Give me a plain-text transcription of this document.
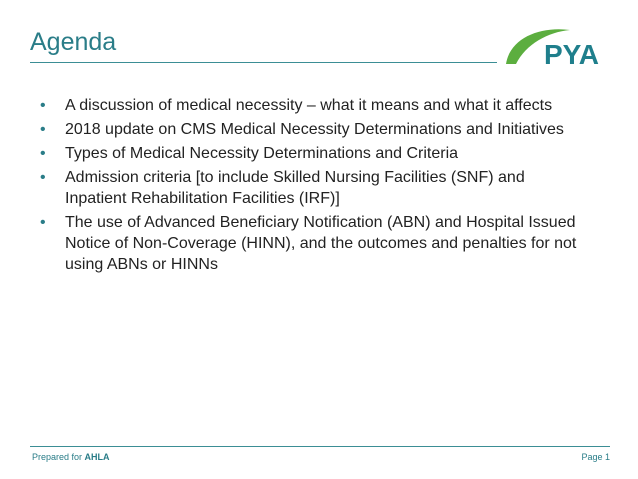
Agenda	PYA
• A discussion of medical necessity – what it means and what it affects
• 2018 update on CMS Medical Necessity Determinations and Initiatives
• Types of Medical Necessity Determinations and Criteria
• Admission criteria [to include Skilled Nursing Facilities (SNF) and Inpatient Rehabilitation Facilities (IRF)]
• The use of Advanced Beneficiary Notification (ABN) and Hospital Issued Notice of Non-Coverage (HINN), and the outcomes and penalties for not using ABNs or HINNs
Prepared for AHLA	Page 1
